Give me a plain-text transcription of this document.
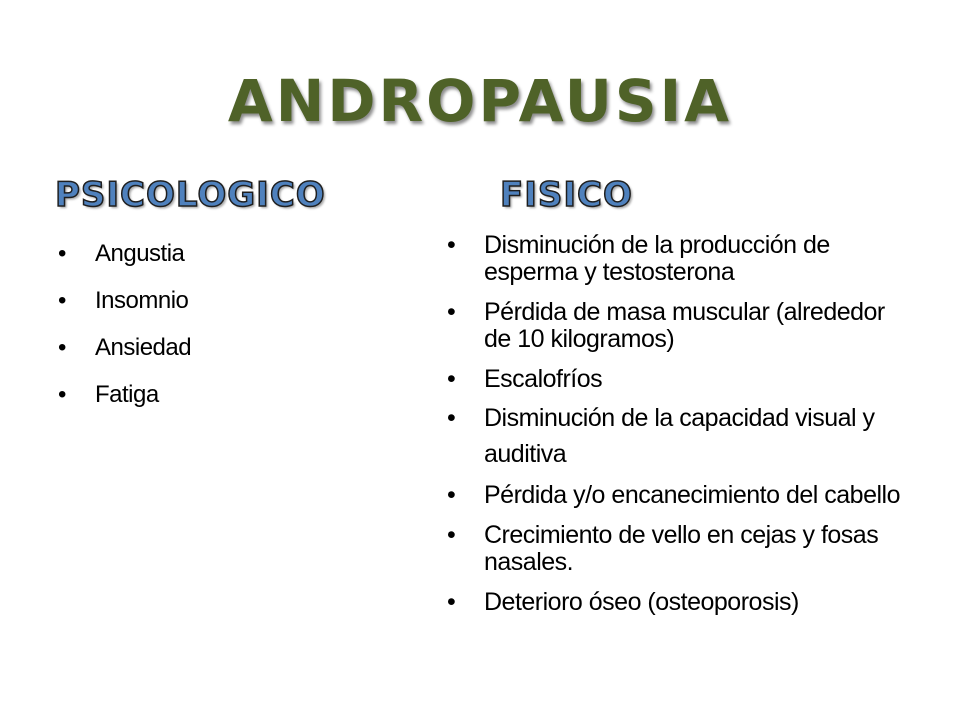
ANDROPAUSIA
PSICOLOGICO	FISICO
• Angustia
• Insomnio
• Ansiedad
• Fatiga
• Disminución de la producción de esperma y testosterona
• Pérdida de masa muscular (alrededor de 10 kilogramos)
• Escalofríos
• Disminución de la capacidad visual y auditiva
• Pérdida y/o encanecimiento del cabello
• Crecimiento de vello en cejas y fosas nasales.
• Deterioro óseo (osteoporosis)
